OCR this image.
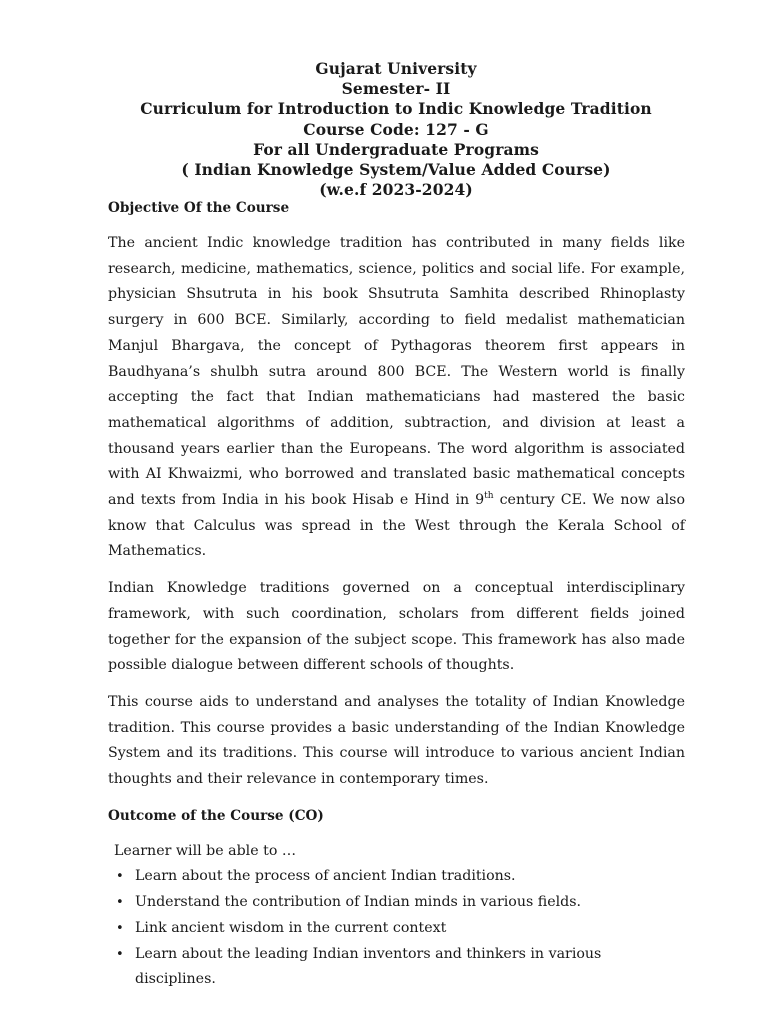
Gujarat University
Semester- II
Curriculum for Introduction to Indic Knowledge Tradition
Course Code: 127 - G
For all Undergraduate Programs
( Indian Knowledge System/Value Added Course)
(w.e.f 2023-2024)

Objective Of the Course

The ancient Indic knowledge tradition has contributed in many fields like research, medicine, mathematics, science, politics and social life. For example, physician Shsutruta in his book Shsutruta Samhita described Rhinoplasty surgery in 600 BCE. Similarly, according to field medalist mathematician Manjul Bhargava, the concept of Pythagoras theorem first appears in Baudhyana’s shulbh sutra around 800 BCE. The Western world is finally accepting the fact that Indian mathematicians had mastered the basic mathematical algorithms of addition, subtraction, and division at least a thousand years earlier than the Europeans. The word algorithm is associated with AI Khwaizmi, who borrowed and translated basic mathematical concepts and texts from India in his book Hisab e Hind in 9th century CE. We now also know that Calculus was spread in the West through the Kerala School of Mathematics.

Indian Knowledge traditions governed on a conceptual interdisciplinary framework, with such coordination, scholars from different fields joined together for the expansion of the subject scope. This framework has also made possible dialogue between different schools of thoughts.

This course aids to understand and analyses the totality of Indian Knowledge tradition. This course provides a basic understanding of the Indian Knowledge System and its traditions. This course will introduce to various ancient Indian thoughts and their relevance in contemporary times.

Outcome of the Course (CO)

Learner will be able to …

• Learn about the process of ancient Indian traditions.
• Understand the contribution of Indian minds in various fields.
• Link ancient wisdom in the current context
• Learn about the leading Indian inventors and thinkers in various disciplines.
